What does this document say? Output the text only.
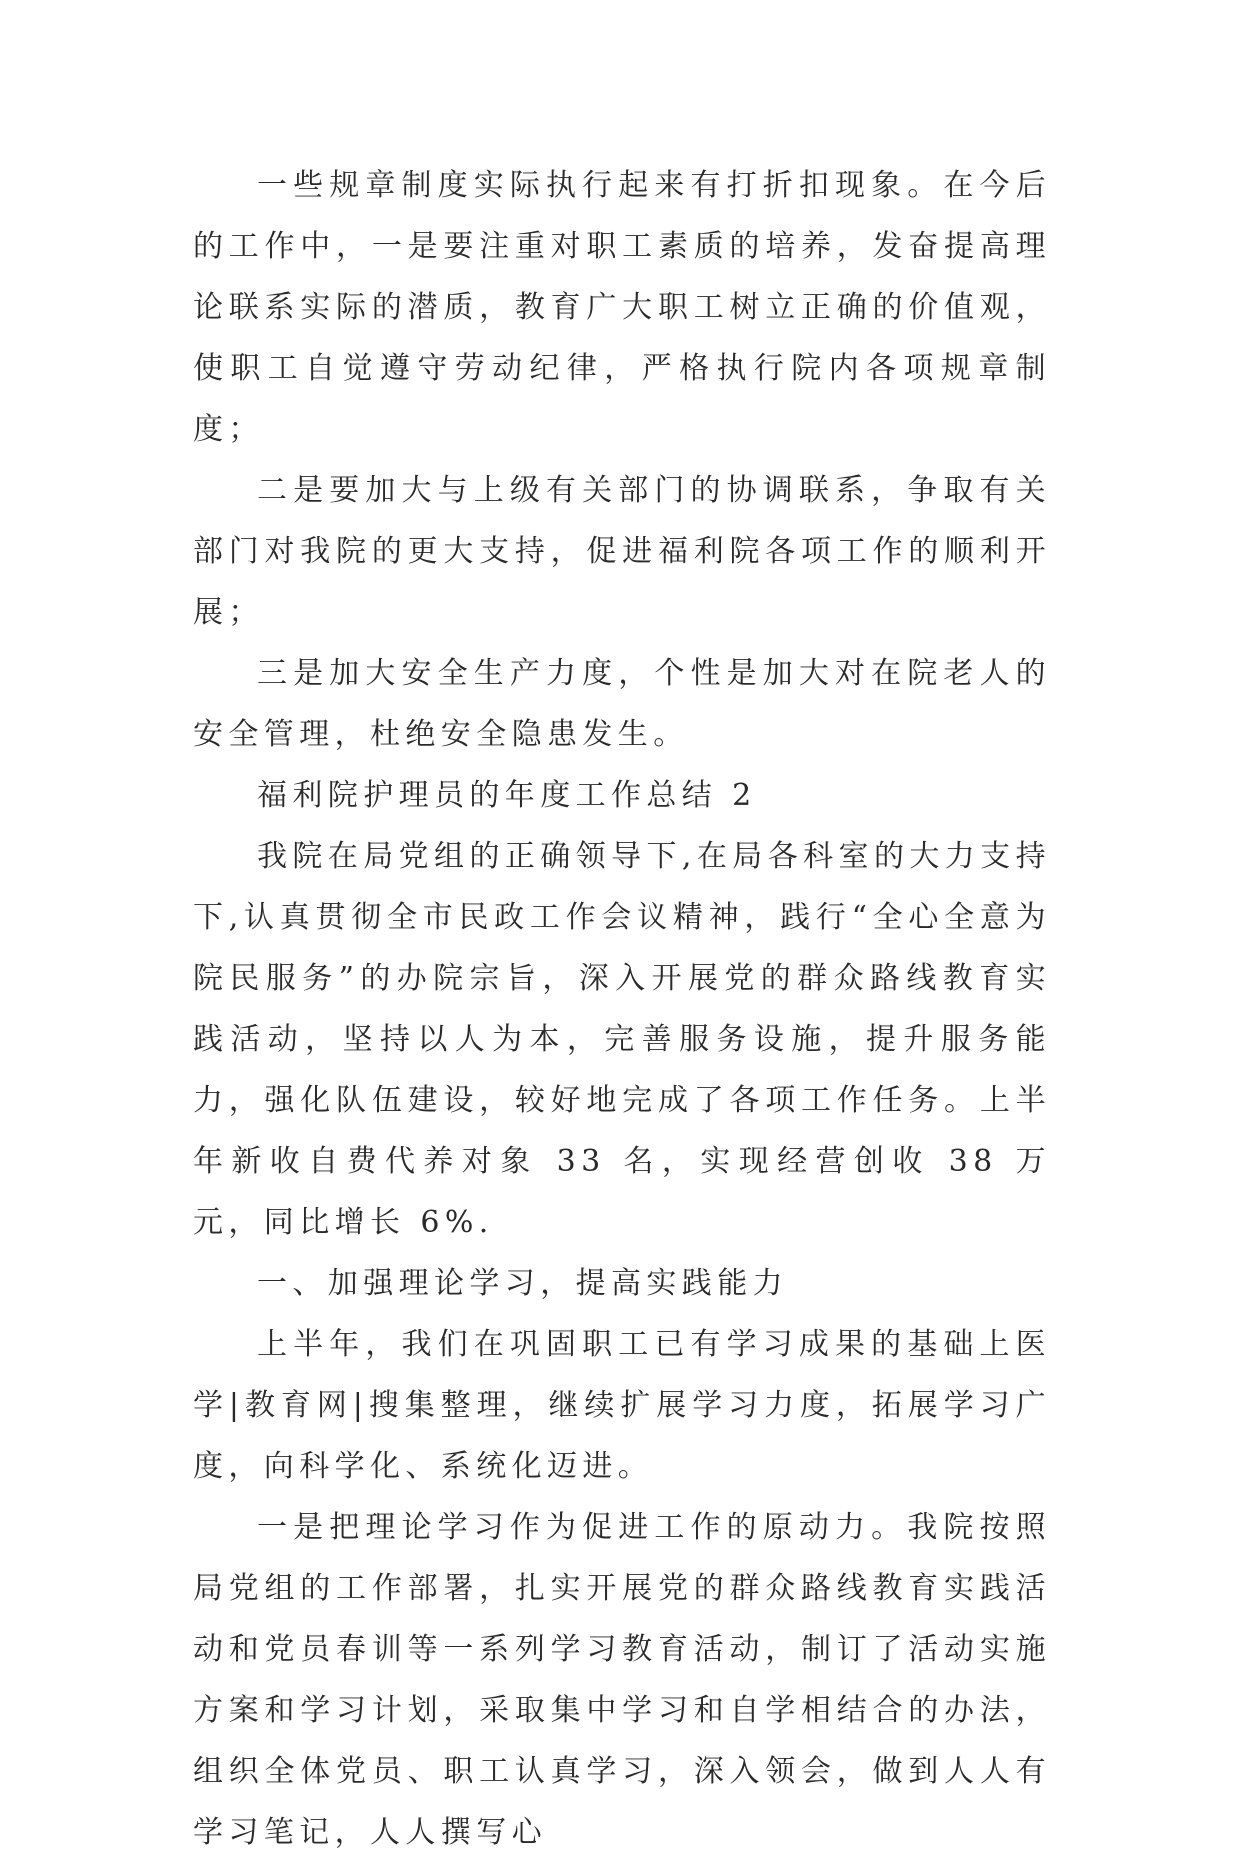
一些规章制度实际执行起来有打折扣现象。在今后的工作中，一是要注重对职工素质的培养，发奋提高理论联系实际的潜质，教育广大职工树立正确的价值观，使职工自觉遵守劳动纪律，严格执行院内各项规章制度；

二是要加大与上级有关部门的协调联系，争取有关部门对我院的更大支持，促进福利院各项工作的顺利开展；

三是加大安全生产力度，个性是加大对在院老人的安全管理，杜绝安全隐患发生。

福利院护理员的年度工作总结 2

我院在局党组的正确领导下,在局各科室的大力支持下,认真贯彻全市民政工作会议精神，践行“全心全意为院民服务”的办院宗旨，深入开展党的群众路线教育实践活动，坚持以人为本，完善服务设施，提升服务能力，强化队伍建设，较好地完成了各项工作任务。上半年新收自费代养对象 33 名，实现经营创收 38 万元，同比增长 6%.

一、加强理论学习，提高实践能力

上半年，我们在巩固职工已有学习成果的基础上医学|教育网|搜集整理，继续扩展学习力度，拓展学习广度，向科学化、系统化迈进。

一是把理论学习作为促进工作的原动力。我院按照局党组的工作部署，扎实开展党的群众路线教育实践活动和党员春训等一系列学习教育活动，制订了活动实施方案和学习计划，采取集中学习和自学相结合的办法，组织全体党员、职工认真学习，深入领会，做到人人有学习笔记，人人撰写心
